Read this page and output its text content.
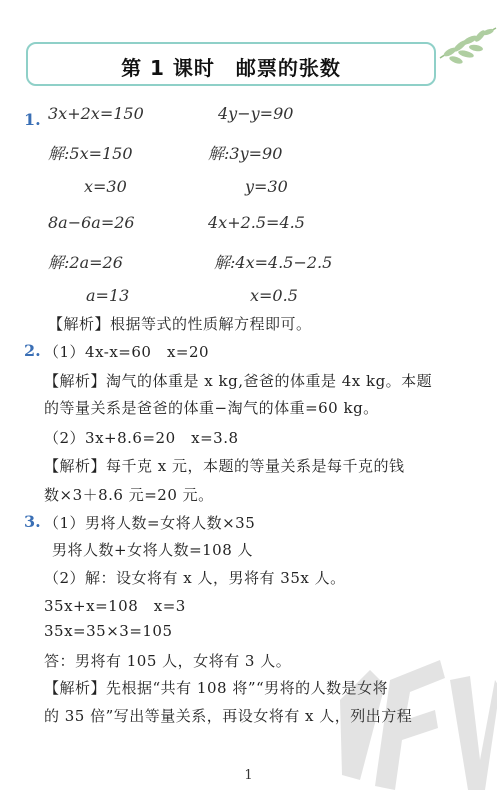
第 1 课时　邮票的张数
1. 3x+2x=150
解:5x=150
x=30
8a−6a=26
解:2a=26
a=13
4y−y=90
解:3y=90
y=30
4x+2.5=4.5
解:4x=4.5−2.5
x=0.5
【解析】根据等式的性质解方程即可。
2. （1）4x-x=60　x=20
【解析】淘气的体重是 x kg,爸爸的体重是 4x kg。本题
的等量关系是爸爸的体重−淘气的体重=60 kg。
（2）3x+8.6=20　x=3.8
【解析】每千克 x 元，本题的等量关系是每千克的钱
数×3＋8.6 元=20 元。
3. （1）男将人数=女将人数×35
男将人数+女将人数=108 人
（2）解：设女将有 x 人，男将有 35x 人。
35x+x=108　x=3
35x=35×3=105
答：男将有 105 人，女将有 3 人。
【解析】先根据“共有 108 将”“男将的人数是女将
的 35 倍”写出等量关系，再设女将有 x 人，列出方程
1
